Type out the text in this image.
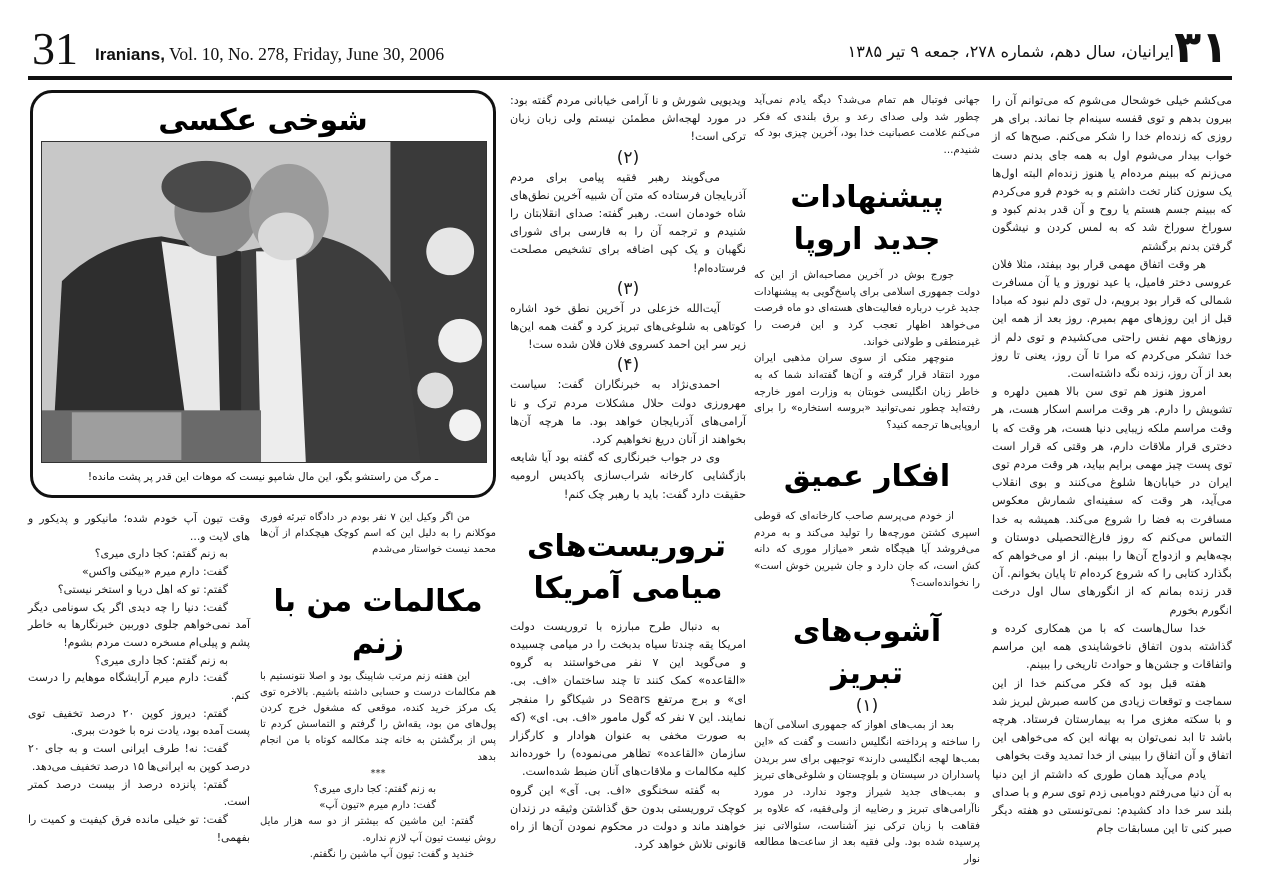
31 Iranians, Vol. 10, No. 278, Friday, June 30, 2006	۳۱
ایرانیان، سال دهم، شماره ۲۷۸، جمعه ۹ تیر ۱۳۸۵

می‌کشم خیلی خوشحال می‌شوم که می‌توانم آن را بیرون بدهم و توی قفسه سینه‌ام جا نماند. برای هر روزی که زنده‌ام خدا را شکر می‌کنم. صبح‌ها که از خواب بیدار می‌شوم اول به همه جای بدنم دست می‌زنم که ببینم مرده‌ام یا هنوز زنده‌ام البته اول‌ها یک سوزن کنار تخت داشتم و به خودم فرو می‌کردم که ببینم جسم هستم یا روح و آن قدر بدنم کبود و سوراخ سوراخ شد که به لمس کردن و نیشگون گرفتن بدنم برگشتم

هر وقت اتفاق مهمی قرار بود بیفتد، مثلا فلان عروسی دختر فامیل، یا عید نوروز و یا آن مسافرت شمالی که قرار بود برویم، دل توی دلم نبود که مبادا قبل از این روزهای مهم بمیرم. روز بعد از همه این روزهای مهم نفس راحتی می‌کشیدم و توی دلم از خدا تشکر می‌کردم که مرا تا آن روز، یعنی تا روز بعد از آن روز، زنده نگه داشته‌است.

امروز هنوز هم توی سن بالا همین دلهره و تشویش را دارم. هر وقت مراسم اسکار هست، هر وقت مراسم ملکه زیبایی دنیا هست، هر وقت که با دختری قرار ملاقات دارم، هر وقتی که قرار است توی پست چیز مهمی برایم بیاید، هر وقت مردم توی ایران در خیابان‌ها شلوغ می‌کنند و بوی انقلاب می‌آید، هر وقت که سفینه‌ای شمارش معکوس مسافرت به فضا را شروع می‌کند. همیشه به خدا التماس می‌کنم که روز فارغ‌التحصیلی دوستان و بچه‌هایم و ازدواج آن‌ها را ببینم. از او می‌خواهم که بگذارد کتابی را که شروع کرده‌ام تا پایان بخوانم. آن قدر زنده بمانم که از انگورهای سال اول درخت انگورم بخورم

خدا سال‌هاست که با من همکاری کرده و گذاشته بدون اتفاق ناخوشایندی همه این مراسم واتفاقات و جشن‌ها و حوادث تاریخی را ببینم.

هفته قبل بود که فکر می‌کنم خدا از این سماجت و توقعات زیادی من کاسه صبرش لبریز شد و با سکته مغزی مرا به بیمارستان فرستاد. هرچه باشد تا ابد نمی‌توان به بهانه این که می‌خواهی این اتفاق و آن اتفاق را ببینی از خدا تمدید وقت بخواهی

یادم می‌آید همان طوری که داشتم از این دنیا به آن دنیا می‌رفتم دوبامبی زدم توی سرم و با صدای بلند سر خدا داد کشیدم: نمی‌تونستی دو هفته دیگر صبر کنی تا این مسابقات جام

جهانی فوتبال هم تمام می‌شد؟ دیگه یادم نمی‌آید چطور شد ولی صدای رعد و برق بلندی که فکر می‌کنم علامت عصبانیت خدا بود، آخرین چیزی بود که شنیدم...

پیشنهادات جدید اروپا

جورج بوش در آخرین مصاحبه‌اش از این که دولت جمهوری اسلامی برای پاسخ‌گویی به پیشنهادات جدید غرب درباره فعالیت‌های هسته‌ای دو ماه فرصت می‌خواهد اظهار تعجب کرد و این فرصت را غیرمنطقی و طولانی خواند.

منوچهر متکی از سوی سران مذهبی ایران مورد انتقاد قرار گرفته و آن‌ها گفته‌اند شما که به خاطر زبان انگلیسی خوبتان به وزارت امور خارجه رفته‌اید چطور نمی‌توانید «بروسه استخاره» را برای اروپایی‌ها ترجمه کنید؟

افکار عمیق

از خودم می‌پرسم صاحب کارخانه‌ای که قوطی اسپری کشتن مورچه‌ها را تولید می‌کند و به مردم می‌فروشد آیا هیچگاه شعر «میازار موری که دانه کش است، که جان دارد و جان شیرین خوش است» را نخوانده‌است؟

آشوب‌های تبریز
(۱)

بعد از بمب‌های اهواز که جمهوری اسلامی آن‌ها را ساخته و پرداخته انگلیس دانست و گفت که «این بمب‌ها لهجه انگلیسی دارند» توجیهی برای سر بریدن پاسداران در سیستان و بلوچستان و شلوغی‌های تبریز و بمب‌های جدید شیراز وجود ندارد. در مورد ناآرامی‌های تبریز و رضاییه از ولی‌فقیه، که علاوه بر فقاهت با زبان ترکی نیز آشناست، سئوالاتی نیز پرسیده شده بود. ولی فقیه بعد از ساعت‌ها مطالعه نوار

ویدیویی شورش و نا آرامی خیابانی مردم گفته بود: در مورد لهجه‌اش مطمئن نیستم ولی زبان زبان ترکی است!

(۲)

می‌گویند رهبر فقیه پیامی برای مردم آذربایجان فرستاده که متن آن شبیه آخرین نطق‌های شاه خودمان است. رهبر گفته: صدای انقلابتان را شنیدم و ترجمه آن را به فارسی برای شورای نگهبان و یک کپی اضافه برای تشخیص مصلحت فرستاده‌ام!

(۳)

آیت‌الله خزعلی در آخرین نطق خود اشاره کوتاهی به شلوغی‌های تبریز کرد و گفت همه این‌ها زیر سر این احمد کسروی فلان فلان شده ست!

(۴)

احمدی‌نژاد به خبرنگاران گفت: سیاست مهرورزی دولت حلال مشکلات مردم ترک و نا آرامی‌های آذربایجان خواهد بود. ما هرچه آن‌ها بخواهند از آنان دریغ نخواهیم کرد.

وی در جواب خبرنگاری که گفته بود آیا شایعه بازگشایی کارخانه شراب‌سازی پاکدیس ارومیه حقیقت دارد گفت: باید با رهبر چک کنم!

تروریست‌های میامی آمریکا

به دنبال طرح مبارزه با تروریست دولت امریکا یقه چندتا سیاه بدبخت را در میامی چسبیده و می‌گوید این ۷ نفر می‌خواستند به گروه «القاعده» کمک کنند تا چند ساختمان «اف. بی. ای» و برج مرتفع Sears در شیکاگو را منفجر نمایند. این ۷ نفر که گول مامور «اف. بی. ای» (که به صورت مخفی به عنوان هوادار و کارگزار سازمان «القاعده» تظاهر می‌نموده) را خورده‌اند کلیه مکالمات و ملاقات‌های آنان ضبط شده‌است.

به گفته سخنگوی «اف. بی. آی» این گروه کوچک تروریستی بدون حق گذاشتن وثیقه در زندان خواهند ماند و دولت در محکوم نمودن آن‌ها از راه قانونی تلاش خواهد کرد.

شوخی عکسی
ـ مرگ من راستشو بگو، این مال شامپو نیست که موهات این قدر پر پشت مانده!

من اگر وکیل این ۷ نفر بودم در دادگاه تبرئه فوری موکلانم را به دلیل این که اسم کوچک هیچکدام از آن‌ها محمد نیست خواستار می‌شدم

مکالمات من با زنم

این هفته زنم مرتب شاپینگ بود و اصلا نتونستیم با هم مکالمات درست و حسابی داشته باشیم. بالاخره توی یک مرکز خرید کنده، موقعی که مشغول خرج کردن پول‌های من بود، یقه‌اش را گرفتم و التماسش کردم تا پس از برگشتن به خانه چند مکالمه کوتاه با من انجام بدهد

***

به زنم گفتم: کجا داری میری؟

گفت: دارم میرم «تیون آپ»

گفتم: این ماشین که بیشتر از دو سه هزار مایل روش نیست تیون آپ لازم نداره.

خندید و گفت: تیون آپ ماشین را نگفتم.

وقت تیون آپ خودم شده؛ مانیکور و پدیکور و های لایت و...

به زنم گفتم: کجا داری میری؟

گفت: دارم میرم «بیکنی واکس»

گفتم: تو که اهل دریا و استخر نیستی؟

گفت: دنیا را چه دیدی اگر یک سونامی دیگر آمد نمی‌خواهم جلوی دوربین خبرنگارها به خاطر پشم و پیلی‌ام مسخره دست مردم بشوم!

به زنم گفتم: کجا داری میری؟

گفت: دارم میرم آرایشگاه موهایم را درست کنم.

گفتم: دیروز کوپن ۲۰ درصد تخفیف توی پست آمده بود، یادت نره با خودت ببری.

گفت: نه! طرف ایرانی است و به جای ۲۰ درصد کوپن به ایرانی‌ها ۱۵ درصد تخفیف می‌دهد.

گفتم: پانزده درصد از بیست درصد کمتر است.

گفت: تو خیلی مانده فرق کیفیت و کمیت را بفهمی!
